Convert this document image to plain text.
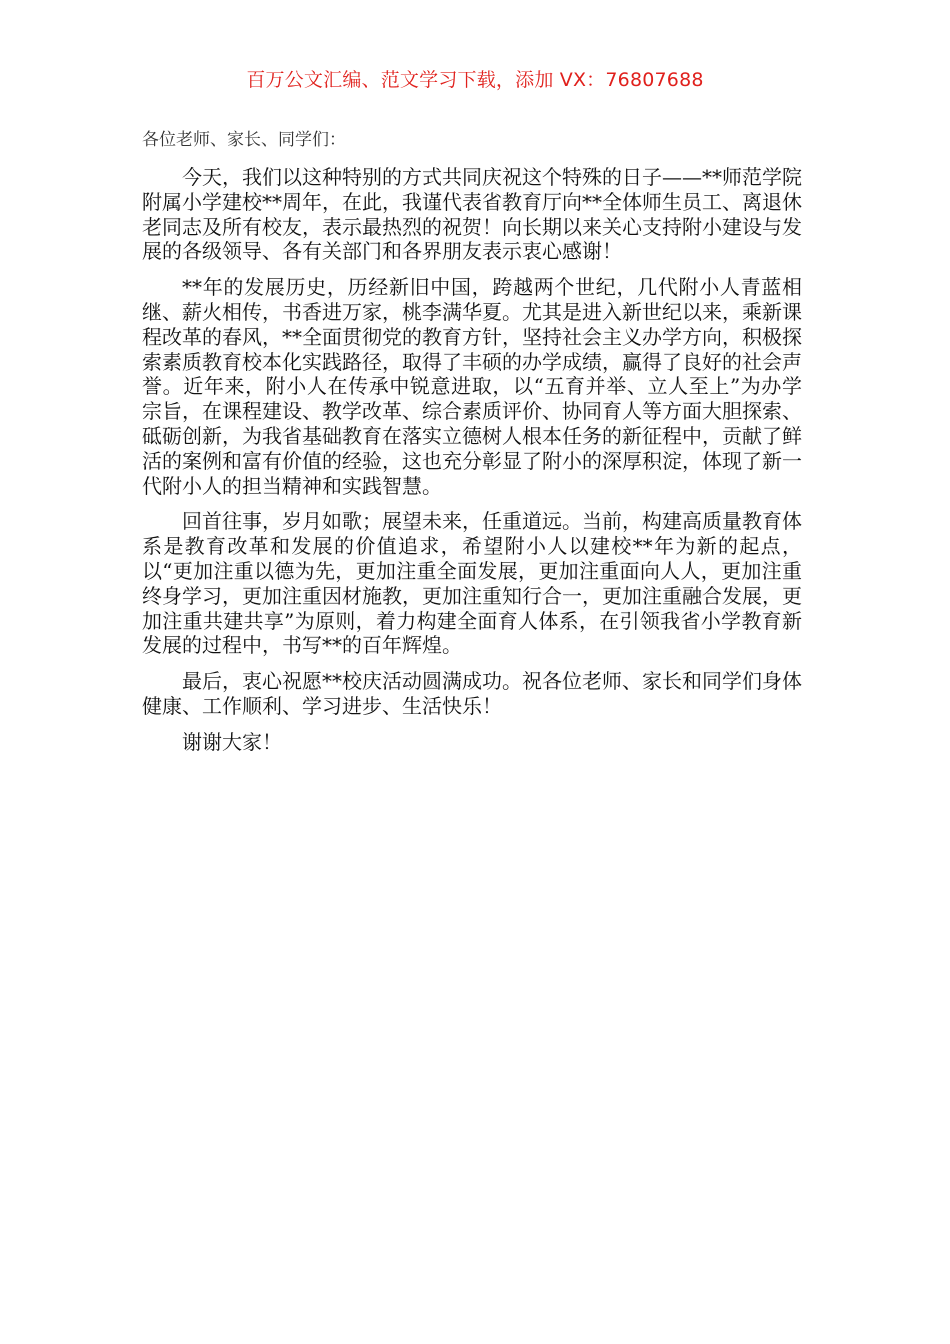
百万公文汇编、范文学习下载，添加 VX：76807688

各位老师、家长、同学们：

今天，我们以这种特别的方式共同庆祝这个特殊的日子——**师范学院附属小学建校**周年，在此，我谨代表省教育厅向**全体师生员工、离退休老同志及所有校友，表示最热烈的祝贺！向长期以来关心支持附小建设与发展的各级领导、各有关部门和各界朋友表示衷心感谢！

**年的发展历史，历经新旧中国，跨越两个世纪，几代附小人青蓝相继、薪火相传，书香进万家，桃李满华夏。尤其是进入新世纪以来，乘新课程改革的春风，**全面贯彻党的教育方针，坚持社会主义办学方向，积极探索素质教育校本化实践路径，取得了丰硕的办学成绩，赢得了良好的社会声誉。近年来，附小人在传承中锐意进取，以“五育并举、立人至上”为办学宗旨，在课程建设、教学改革、综合素质评价、协同育人等方面大胆探索、砥砺创新，为我省基础教育在落实立德树人根本任务的新征程中，贡献了鲜活的案例和富有价值的经验，这也充分彰显了附小的深厚积淀，体现了新一代附小人的担当精神和实践智慧。

回首往事，岁月如歌；展望未来，任重道远。当前，构建高质量教育体系是教育改革和发展的价值追求，希望附小人以建校**年为新的起点，以“更加注重以德为先，更加注重全面发展，更加注重面向人人，更加注重终身学习，更加注重因材施教，更加注重知行合一，更加注重融合发展，更加注重共建共享”为原则，着力构建全面育人体系，在引领我省小学教育新发展的过程中，书写**的百年辉煌。

最后，衷心祝愿**校庆活动圆满成功。祝各位老师、家长和同学们身体健康、工作顺利、学习进步、生活快乐！

谢谢大家！
